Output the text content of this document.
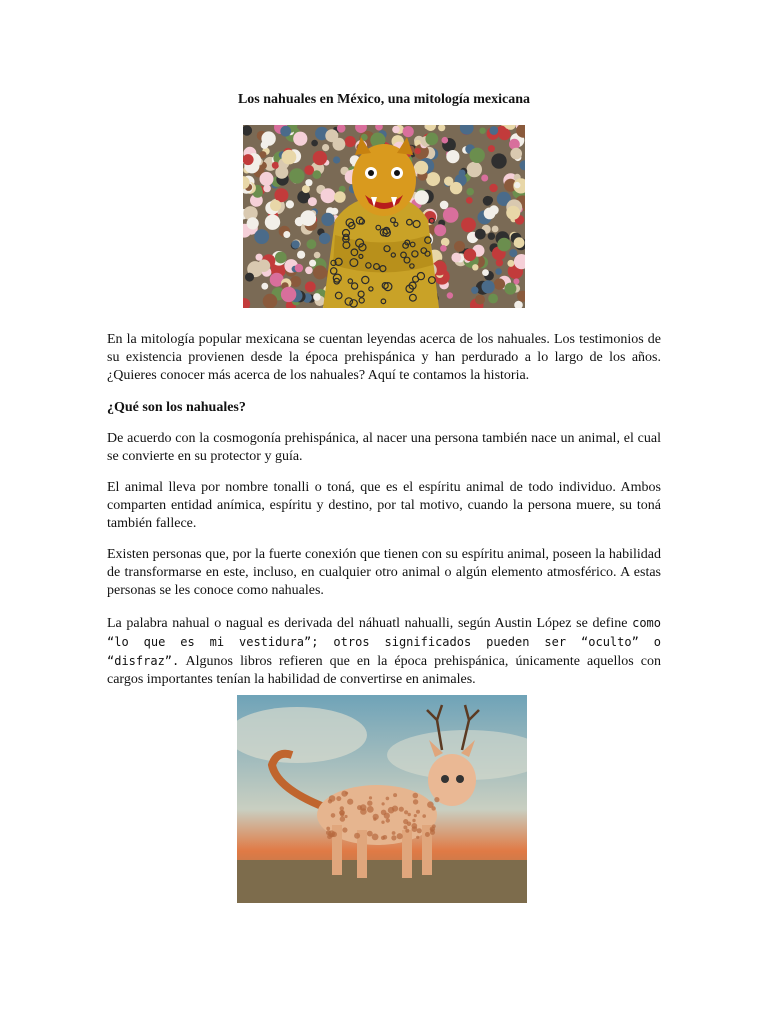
Los nahuales en México, una mitología mexicana

En la mitología popular mexicana se cuentan leyendas acerca de los nahuales. Los testimonios de su existencia provienen desde la época prehispánica y han perdurado a lo largo de los años. ¿Quieres conocer más acerca de los nahuales? Aquí te contamos la historia.

¿Qué son los nahuales?

De acuerdo con la cosmogonía prehispánica, al nacer una persona también nace un animal, el cual se convierte en su protector y guía.

El animal lleva por nombre tonalli o toná, que es el espíritu animal de todo individuo. Ambos comparten entidad anímica, espíritu y destino, por tal motivo, cuando la persona muere, su toná también fallece.

Existen personas que, por la fuerte conexión que tienen con su espíritu animal, poseen la habilidad de transformarse en este, incluso, en cualquier otro animal o algún elemento atmosférico. A estas personas se les conoce como nahuales.

La palabra nahual o nagual es derivada del náhuatl nahualli, según Austin López se define como “lo que es mi vestidura”; otros significados pueden ser “oculto” o “disfraz”. Algunos libros refieren que en la época prehispánica, únicamente aquellos con cargos importantes tenían la habilidad de convertirse en animales.
